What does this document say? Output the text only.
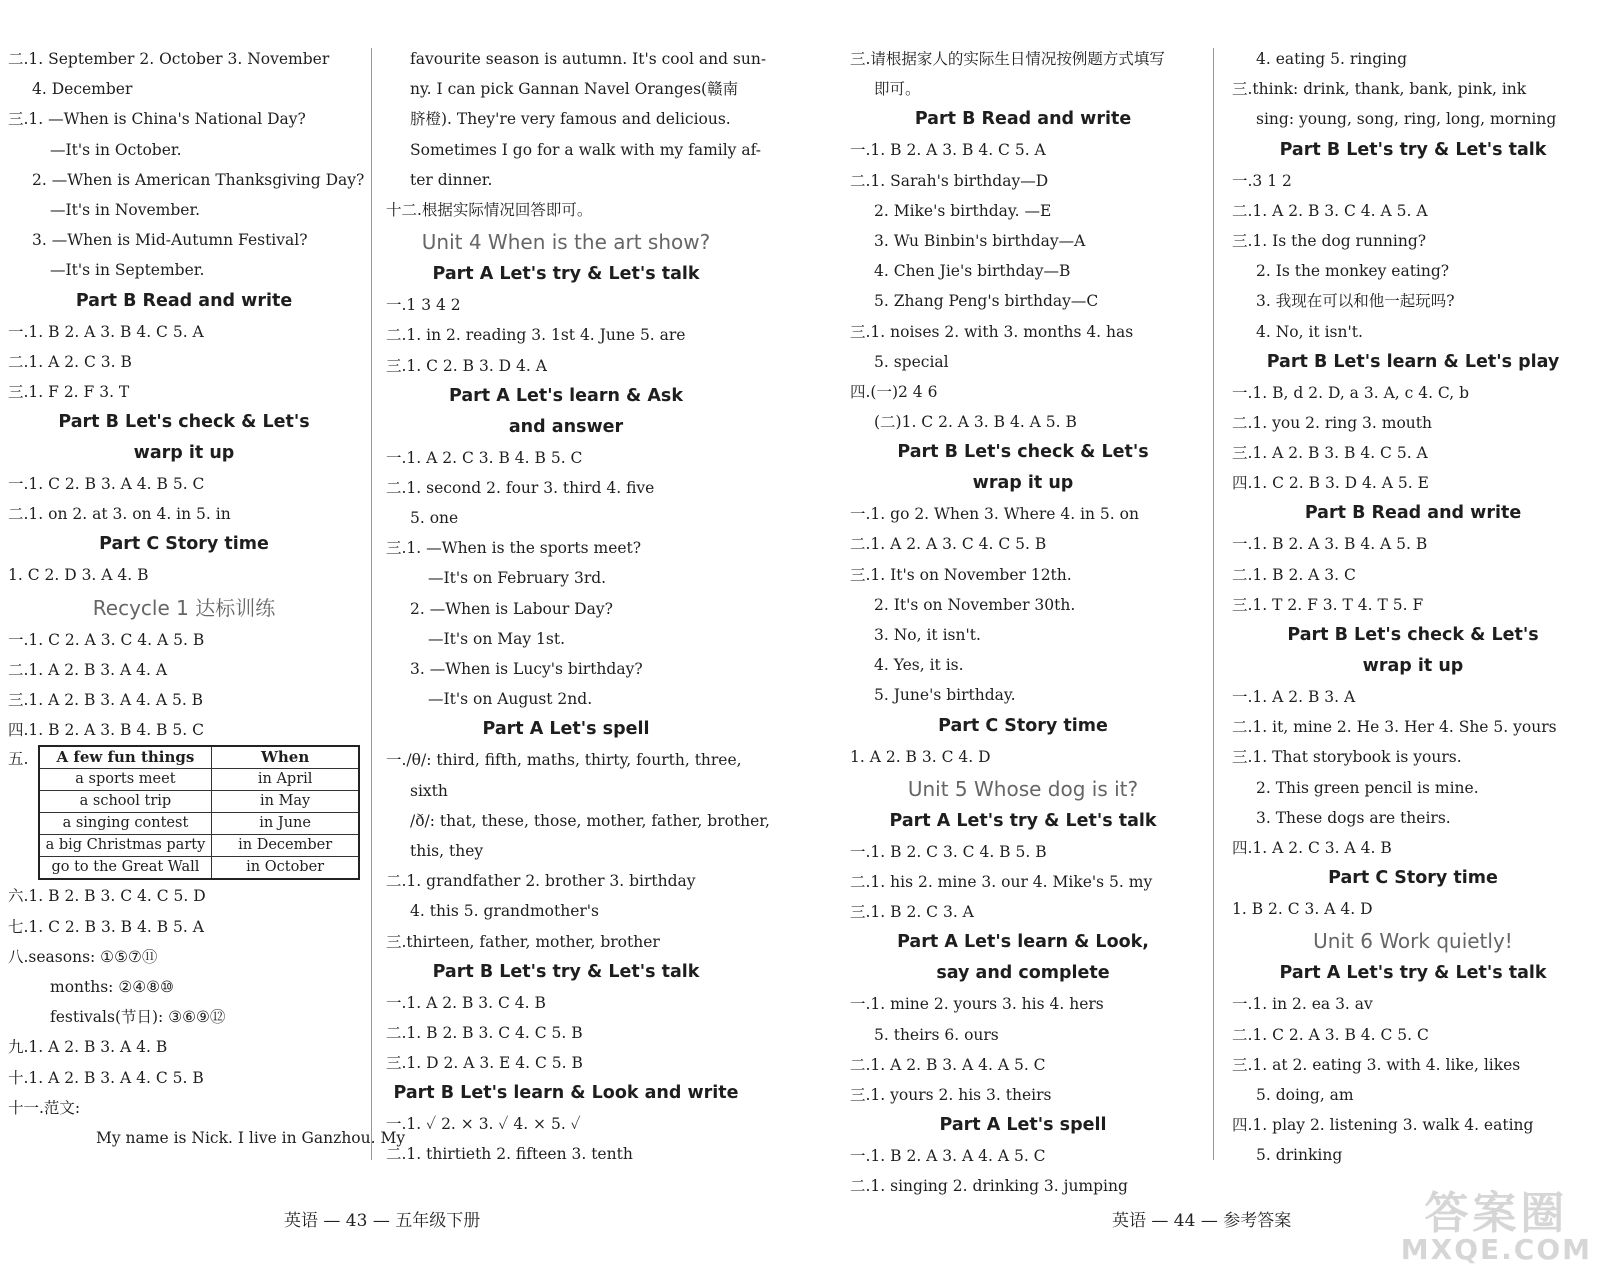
二.1. September 2. October 3. November
4. December
三.1. —When is China's National Day?
—It's in October.
2. —When is American Thanksgiving Day?
—It's in November.
3. —When is Mid-Autumn Festival?
—It's in September.
Part B Read and write
一.1. B 2. A 3. B 4. C 5. A
二.1. A 2. C 3. B
三.1. F 2. F 3. T
Part B Let's check & Let's
warp it up
一.1. C 2. B 3. A 4. B 5. C
二.1. on 2. at 3. on 4. in 5. in
Part C Story time
1. C 2. D 3. A 4. B
Recycle 1 达标训练
一.1. C 2. A 3. C 4. A 5. B
二.1. A 2. B 3. A 4. A
三.1. A 2. B 3. A 4. A 5. B
四.1. B 2. A 3. B 4. B 5. C
五.	A few fun things	When
a sports meet	in April
a school trip	in May
a singing contest	in June
a big Christmas party	in December
go to the Great Wall	in October
六.1. B 2. B 3. C 4. C 5. D
七.1. C 2. B 3. B 4. B 5. A
八.seasons: ①⑤⑦⑪
months: ②④⑧⑩
festivals(节日): ③⑥⑨⑫
九.1. A 2. B 3. A 4. B
十.1. A 2. B 3. A 4. C 5. B
十一.范文:
My name is Nick. I live in Ganzhou. My
favourite season is autumn. It's cool and sun-
ny. I can pick Gannan Navel Oranges(赣南
脐橙). They're very famous and delicious.
Sometimes I go for a walk with my family af-
ter dinner.
十二.根据实际情况回答即可。
Unit 4 When is the art show?
Part A Let's try & Let's talk
一.1 3 4 2
二.1. in 2. reading 3. 1st 4. June 5. are
三.1. C 2. B 3. D 4. A
Part A Let's learn & Ask
and answer
一.1. A 2. C 3. B 4. B 5. C
二.1. second 2. four 3. third 4. five
5. one
三.1. —When is the sports meet?
—It's on February 3rd.
2. —When is Labour Day?
—It's on May 1st.
3. —When is Lucy's birthday?
—It's on August 2nd.
Part A Let's spell
一./θ/: third, fifth, maths, thirty, fourth, three,
sixth
/ð/: that, these, those, mother, father, brother,
this, they
二.1. grandfather 2. brother 3. birthday
4. this 5. grandmother's
三.thirteen, father, mother, brother
Part B Let's try & Let's talk
一.1. A 2. B 3. C 4. B
二.1. B 2. B 3. C 4. C 5. B
三.1. D 2. A 3. E 4. C 5. B
Part B Let's learn & Look and write
一.1. ✓ 2. × 3. ✓ 4. × 5. ✓
二.1. thirtieth 2. fifteen 3. tenth
三.请根据家人的实际生日情况按例题方式填写
即可。
Part B Read and write
一.1. B 2. A 3. B 4. C 5. A
二.1. Sarah's birthday—D
2. Mike's birthday. —E
3. Wu Binbin's birthday—A
4. Chen Jie's birthday—B
5. Zhang Peng's birthday—C
三.1. noises 2. with 3. months 4. has
5. special
四.(一)2 4 6
(二)1. C 2. A 3. B 4. A 5. B
Part B Let's check & Let's
wrap it up
一.1. go 2. When 3. Where 4. in 5. on
二.1. A 2. A 3. C 4. C 5. B
三.1. It's on November 12th.
2. It's on November 30th.
3. No, it isn't.
4. Yes, it is.
5. June's birthday.
Part C Story time
1. A 2. B 3. C 4. D
Unit 5 Whose dog is it?
Part A Let's try & Let's talk
一.1. B 2. C 3. C 4. B 5. B
二.1. his 2. mine 3. our 4. Mike's 5. my
三.1. B 2. C 3. A
Part A Let's learn & Look,
say and complete
一.1. mine 2. yours 3. his 4. hers
5. theirs 6. ours
二.1. A 2. B 3. A 4. A 5. C
三.1. yours 2. his 3. theirs
Part A Let's spell
一.1. B 2. A 3. A 4. A 5. C
二.1. singing 2. drinking 3. jumping
4. eating 5. ringing
三.think: drink, thank, bank, pink, ink
sing: young, song, ring, long, morning
Part B Let's try & Let's talk
一.3 1 2
二.1. A 2. B 3. C 4. A 5. A
三.1. Is the dog running?
2. Is the monkey eating?
3. 我现在可以和他一起玩吗?
4. No, it isn't.
Part B Let's learn & Let's play
一.1. B, d 2. D, a 3. A, c 4. C, b
二.1. you 2. ring 3. mouth
三.1. A 2. B 3. B 4. C 5. A
四.1. C 2. B 3. D 4. A 5. E
Part B Read and write
一.1. B 2. A 3. B 4. A 5. B
二.1. B 2. A 3. C
三.1. T 2. F 3. T 4. T 5. F
Part B Let's check & Let's
wrap it up
一.1. A 2. B 3. A
二.1. it, mine 2. He 3. Her 4. She 5. yours
三.1. That storybook is yours.
2. This green pencil is mine.
3. These dogs are theirs.
四.1. A 2. C 3. A 4. B
Part C Story time
1. B 2. C 3. A 4. D
Unit 6 Work quietly!
Part A Let's try & Let's talk
一.1. in 2. ea 3. av
二.1. C 2. A 3. B 4. C 5. C
三.1. at 2. eating 3. with 4. like, likes
5. doing, am
四.1. play 2. listening 3. walk 4. eating
5. drinking
英语 — 43 — 五年级下册	英语 — 44 — 参考答案	答案圈
MXQE.COM
